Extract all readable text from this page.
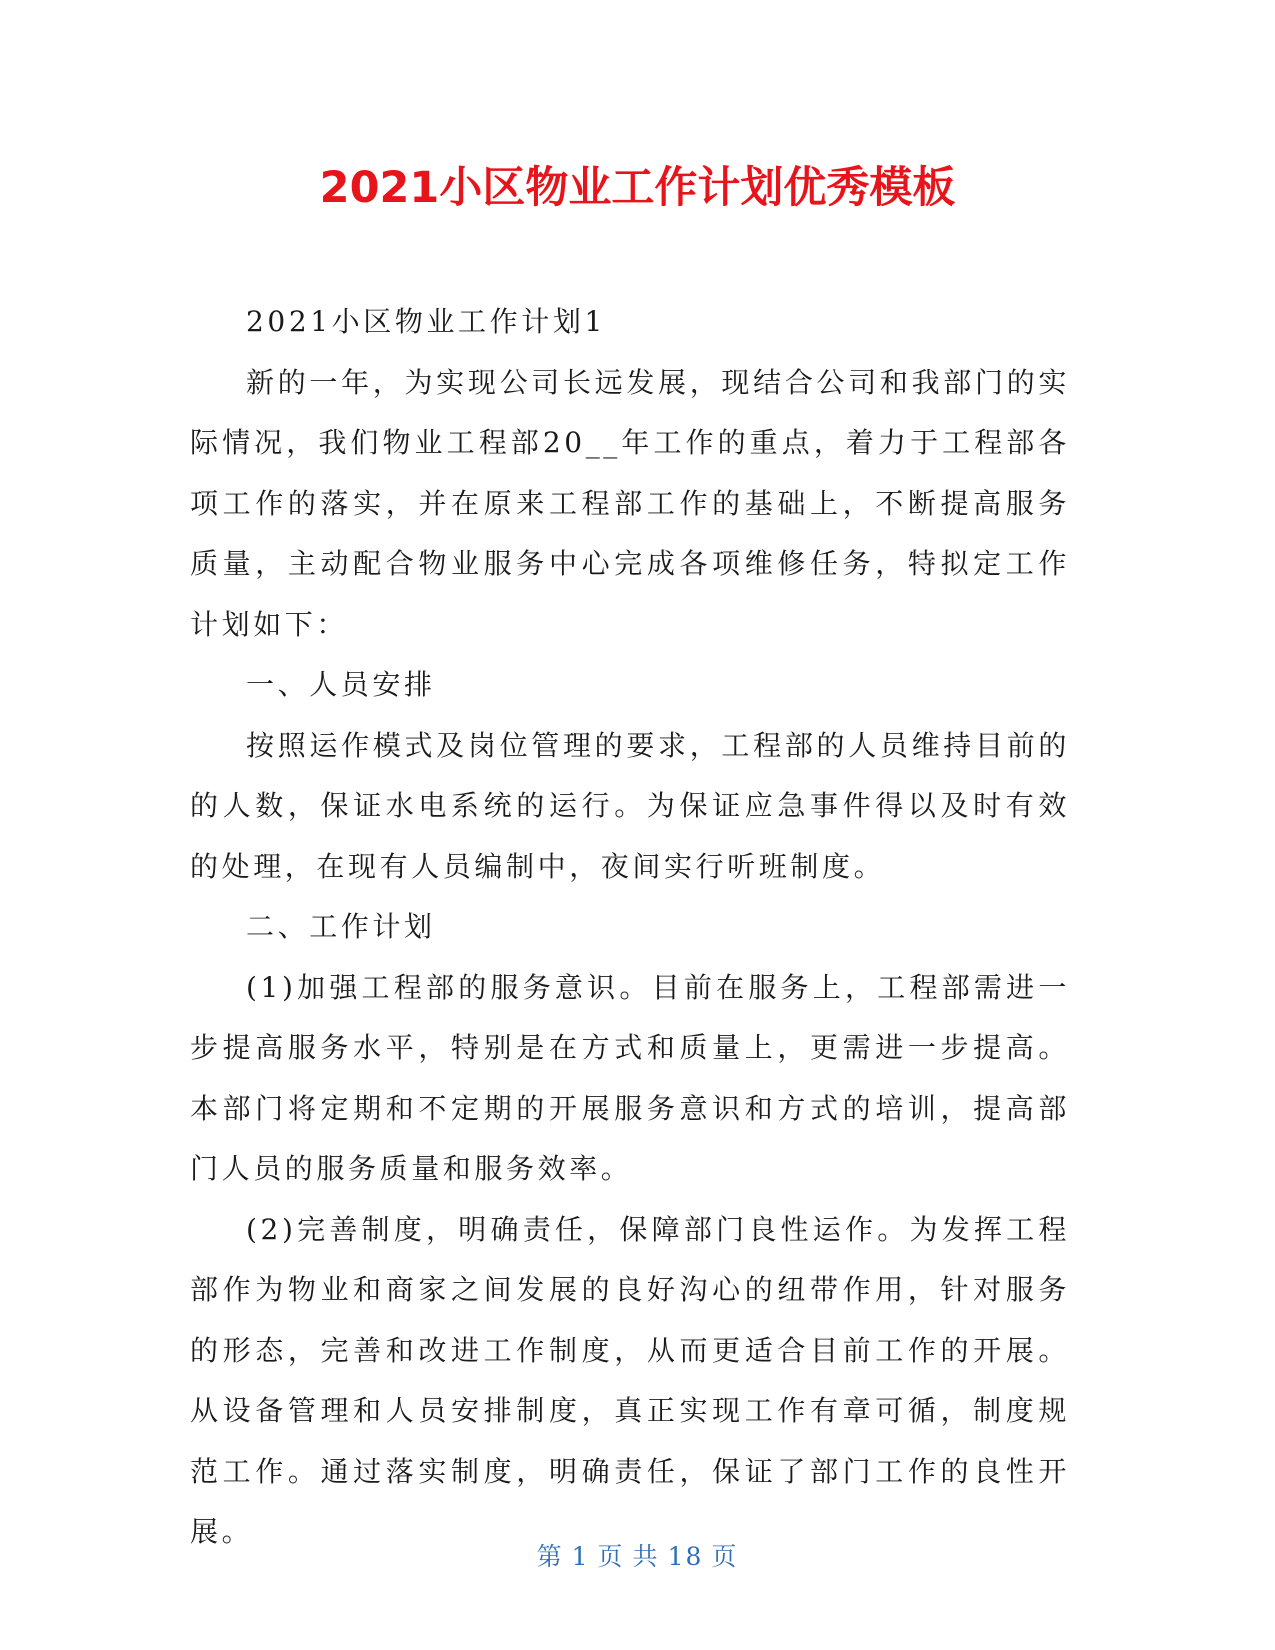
2021小区物业工作计划优秀模板

2021小区物业工作计划1

新的一年，为实现公司长远发展，现结合公司和我部门的实际情况，我们物业工程部20__年工作的重点，着力于工程部各项工作的落实，并在原来工程部工作的基础上，不断提高服务质量，主动配合物业服务中心完成各项维修任务，特拟定工作计划如下：

一、人员安排

按照运作模式及岗位管理的要求，工程部的人员维持目前的的人数，保证水电系统的运行。为保证应急事件得以及时有效的处理，在现有人员编制中，夜间实行听班制度。

二、工作计划

(1)加强工程部的服务意识。目前在服务上，工程部需进一步提高服务水平，特别是在方式和质量上，更需进一步提高。本部门将定期和不定期的开展服务意识和方式的培训，提高部门人员的服务质量和服务效率。

(2)完善制度，明确责任，保障部门良性运作。为发挥工程部作为物业和商家之间发展的良好沟心的纽带作用，针对服务的形态，完善和改进工作制度，从而更适合目前工作的开展。从设备管理和人员安排制度，真正实现工作有章可循，制度规范工作。通过落实制度，明确责任，保证了部门工作的良性开展。

第 1 页 共 18 页
